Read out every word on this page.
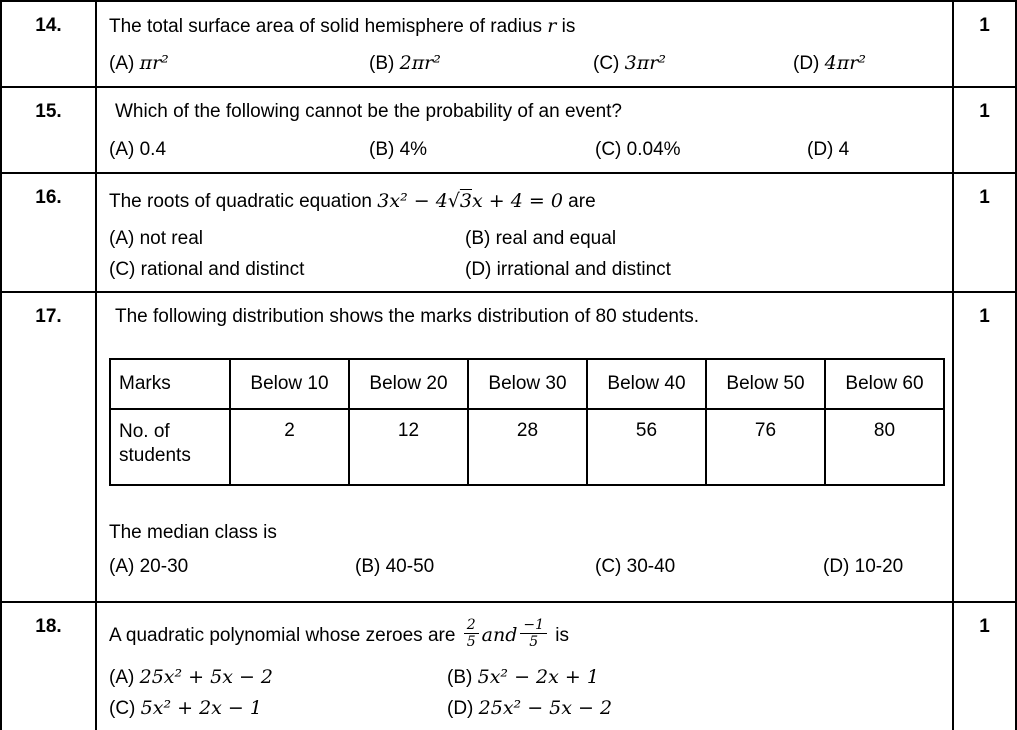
14.	The total surface area of solid hemisphere of radius r is
(A) πr²	(B) 2πr²	(C) 3πr²	(D) 4πr²
	1
15.	Which of the following cannot be the probability of an event?
(A) 0.4	(B) 4%	(C) 0.04%	(D) 4
	1
16.	The roots of quadratic equation 3x² − 4√3x + 4 = 0 are
(A) not real	(B) real and equal
(C) rational and distinct	(D) irrational and distinct
	1
17.	The following distribution shows the marks distribution of 80 students.
Marks	Below 10	Below 20	Below 30	Below 40	Below 50	Below 60
No. of students	2	12	28	56	76	80
The median class is
(A) 20-30	(B) 40-50	(C) 30-40	(D) 10-20
	1
18.	A quadratic polynomial whose zeroes are $\frac{2}{5}$ and $\frac{-1}{5}$ is
(A) 25x² + 5x − 2	(B) 5x² − 2x + 1
(C) 5x² + 2x − 1	(D) 25x² − 5x − 2
	1
